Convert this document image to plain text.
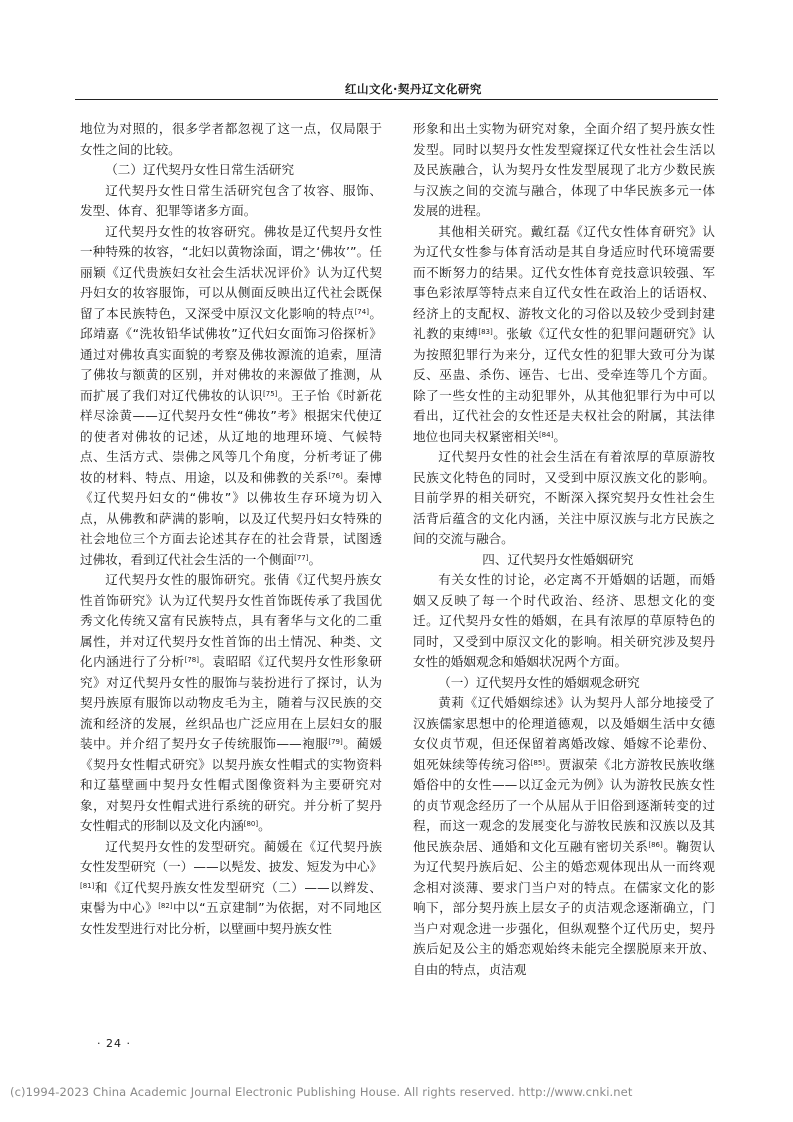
红山文化·契丹辽文化研究

地位为对照的，很多学者都忽视了这一点，仅局限于女性之间的比较。

（二）辽代契丹女性日常生活研究

辽代契丹女性日常生活研究包含了妆容、服饰、发型、体育、犯罪等诸多方面。

辽代契丹女性的妆容研究。佛妆是辽代契丹女性一种特殊的妆容，“北妇以黄物涂面，谓之‘佛妆’”。任丽颖《辽代贵族妇女社会生活状况评价》认为辽代契丹妇女的妆容服饰，可以从侧面反映出辽代社会既保留了本民族特色，又深受中原汉文化影响的特点[74]。邱靖嘉《“洗妆铅华试佛妆”辽代妇女面饰习俗探析》通过对佛妆真实面貌的考察及佛妆源流的追索，厘清了佛妆与额黄的区别，并对佛妆的来源做了推测，从而扩展了我们对辽代佛妆的认识[75]。王子怡《时新花样尽涂黄——辽代契丹女性“佛妆”考》根据宋代使辽的使者对佛妆的记述，从辽地的地理环境、气候特点、生活方式、崇佛之风等几个角度，分析考证了佛妆的材料、特点、用途，以及和佛教的关系[76]。秦博《辽代契丹妇女的“佛妆”》以佛妆生存环境为切入点，从佛教和萨满的影响，以及辽代契丹妇女特殊的社会地位三个方面去论述其存在的社会背景，试图透过佛妆，看到辽代社会生活的一个侧面[77]。

辽代契丹女性的服饰研究。张倩《辽代契丹族女性首饰研究》认为辽代契丹女性首饰既传承了我国优秀文化传统又富有民族特点，具有奢华与文化的二重属性，并对辽代契丹女性首饰的出土情况、种类、文化内涵进行了分析[78]。袁昭昭《辽代契丹女性形象研究》对辽代契丹女性的服饰与装扮进行了探讨，认为契丹族原有服饰以动物皮毛为主，随着与汉民族的交流和经济的发展，丝织品也广泛应用在上层妇女的服装中。并介绍了契丹女子传统服饰——袍服[79]。蔺媛《契丹女性帽式研究》以契丹族女性帽式的实物资料和辽墓壁画中契丹女性帽式图像资料为主要研究对象，对契丹女性帽式进行系统的研究。并分析了契丹女性帽式的形制以及文化内涵[80]。

辽代契丹女性的发型研究。蔺媛在《辽代契丹族女性发型研究（一）——以髡发、披发、短发为中心》[81]和《辽代契丹族女性发型研究（二）——以辫发、束髻为中心》[82]中以“五京建制”为依据，对不同地区女性发型进行对比分析，以壁画中契丹族女性

形象和出土实物为研究对象，全面介绍了契丹族女性发型。同时以契丹女性发型窥探辽代女性社会生活以及民族融合，认为契丹女性发型展现了北方少数民族与汉族之间的交流与融合，体现了中华民族多元一体发展的进程。

其他相关研究。戴红磊《辽代女性体育研究》认为辽代女性参与体育活动是其自身适应时代环境需要而不断努力的结果。辽代女性体育竞技意识较强、军事色彩浓厚等特点来自辽代女性在政治上的话语权、经济上的支配权、游牧文化的习俗以及较少受到封建礼教的束缚[83]。张敏《辽代女性的犯罪问题研究》认为按照犯罪行为来分，辽代女性的犯罪大致可分为谋反、巫蛊、杀伤、诬告、七出、受牵连等几个方面。除了一些女性的主动犯罪外，从其他犯罪行为中可以看出，辽代社会的女性还是夫权社会的附属，其法律地位也同夫权紧密相关[84]。

辽代契丹女性的社会生活在有着浓厚的草原游牧民族文化特色的同时，又受到中原汉族文化的影响。目前学界的相关研究，不断深入探究契丹女性社会生活背后蕴含的文化内涵，关注中原汉族与北方民族之间的交流与融合。

四、辽代契丹女性婚姻研究

有关女性的讨论，必定离不开婚姻的话题，而婚姻又反映了每一个时代政治、经济、思想文化的变迁。辽代契丹女性的婚姻，在具有浓厚的草原特色的同时，又受到中原汉文化的影响。相关研究涉及契丹女性的婚姻观念和婚姻状况两个方面。

（一）辽代契丹女性的婚姻观念研究

黄莉《辽代婚姻综述》认为契丹人部分地接受了汉族儒家思想中的伦理道德观，以及婚姻生活中女德女仪贞节观，但还保留着离婚改嫁、婚嫁不论辈份、姐死妹续等传统习俗[85]。贾淑荣《北方游牧民族收继婚俗中的女性——以辽金元为例》认为游牧民族女性的贞节观念经历了一个从屈从于旧俗到逐渐转变的过程，而这一观念的发展变化与游牧民族和汉族以及其他民族杂居、通婚和文化互融有密切关系[86]。鞠贺认为辽代契丹族后妃、公主的婚恋观体现出从一而终观念相对淡薄、要求门当户对的特点。在儒家文化的影响下，部分契丹族上层女子的贞洁观念逐渐确立，门当户对观念进一步强化，但纵观整个辽代历史，契丹族后妃及公主的婚恋观始终未能完全摆脱原来开放、自由的特点，贞洁观

· 24 ·
(c)1994-2023 China Academic Journal Electronic Publishing House. All rights reserved. http://www.cnki.net
